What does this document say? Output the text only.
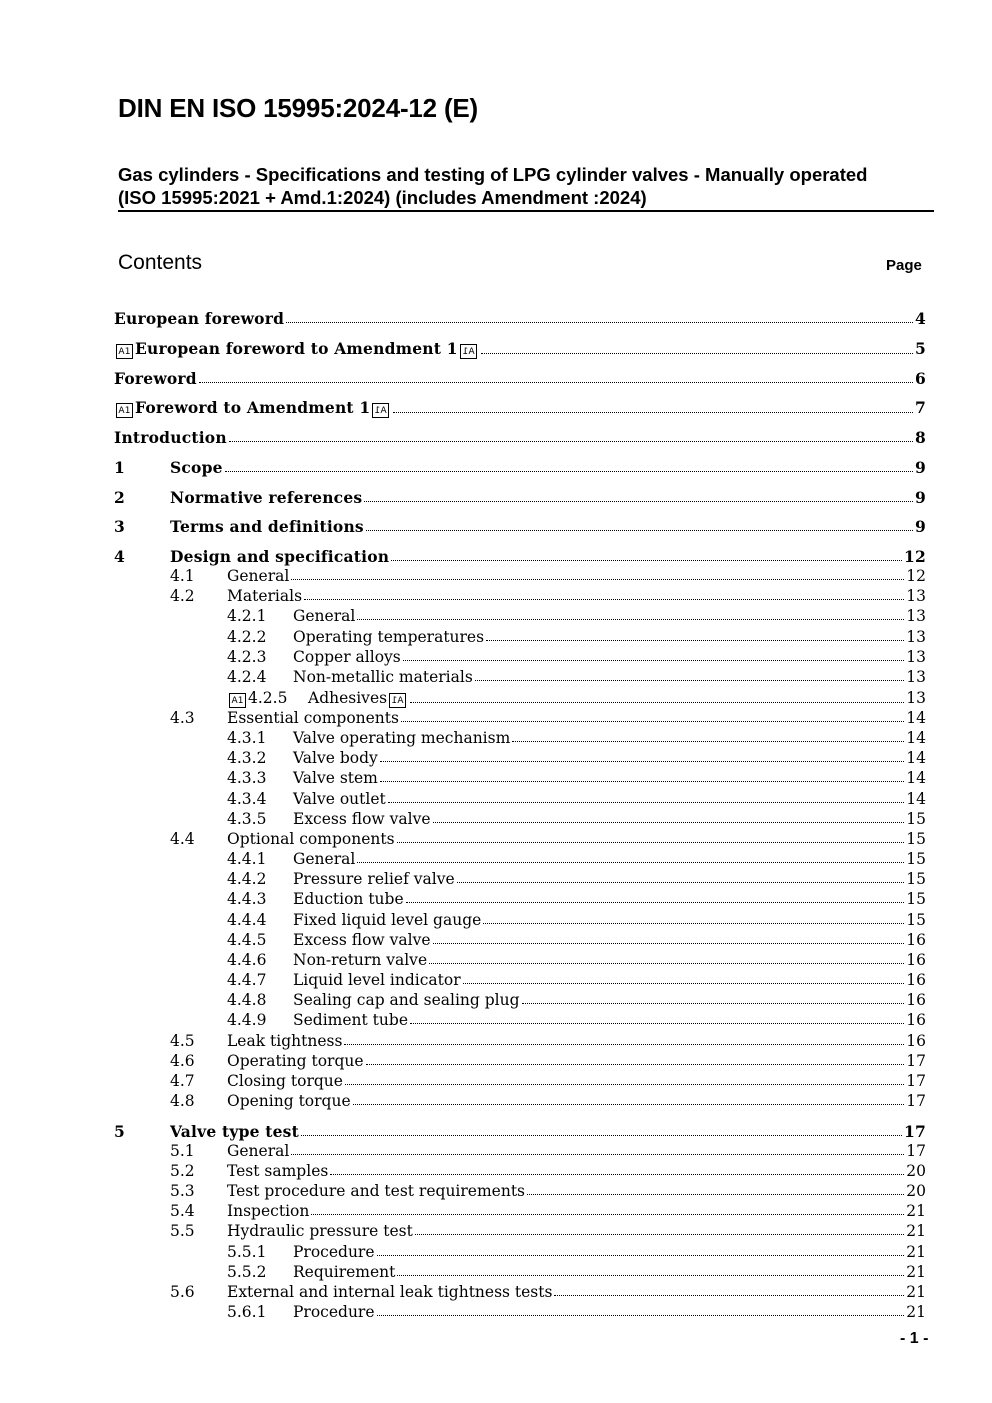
DIN EN ISO 15995:2024-12 (E)
Gas cylinders - Specifications and testing of LPG cylinder valves - Manually operated
(ISO 15995:2021 + Amd.1:2024) (includes Amendment :2024)
Contents	Page
European foreword	4
A1 European foreword to Amendment 1 A1	5
Foreword	6
A1 Foreword to Amendment 1 A1	7
Introduction	8
1	Scope	9
2	Normative references	9
3	Terms and definitions	9
4	Design and specification	12
4.1	General	12
4.2	Materials	13
4.2.1	General	13
4.2.2	Operating temperatures	13
4.2.3	Copper alloys	13
4.2.4	Non-metallic materials	13
A1 4.2.5	Adhesives A1	13
4.3	Essential components	14
4.3.1	Valve operating mechanism	14
4.3.2	Valve body	14
4.3.3	Valve stem	14
4.3.4	Valve outlet	14
4.3.5	Excess flow valve	15
4.4	Optional components	15
4.4.1	General	15
4.4.2	Pressure relief valve	15
4.4.3	Eduction tube	15
4.4.4	Fixed liquid level gauge	15
4.4.5	Excess flow valve	16
4.4.6	Non-return valve	16
4.4.7	Liquid level indicator	16
4.4.8	Sealing cap and sealing plug	16
4.4.9	Sediment tube	16
4.5	Leak tightness	16
4.6	Operating torque	17
4.7	Closing torque	17
4.8	Opening torque	17
5	Valve type test	17
5.1	General	17
5.2	Test samples	20
5.3	Test procedure and test requirements	20
5.4	Inspection	21
5.5	Hydraulic pressure test	21
5.5.1	Procedure	21
5.5.2	Requirement	21
5.6	External and internal leak tightness tests	21
5.6.1	Procedure	21
- 1 -
